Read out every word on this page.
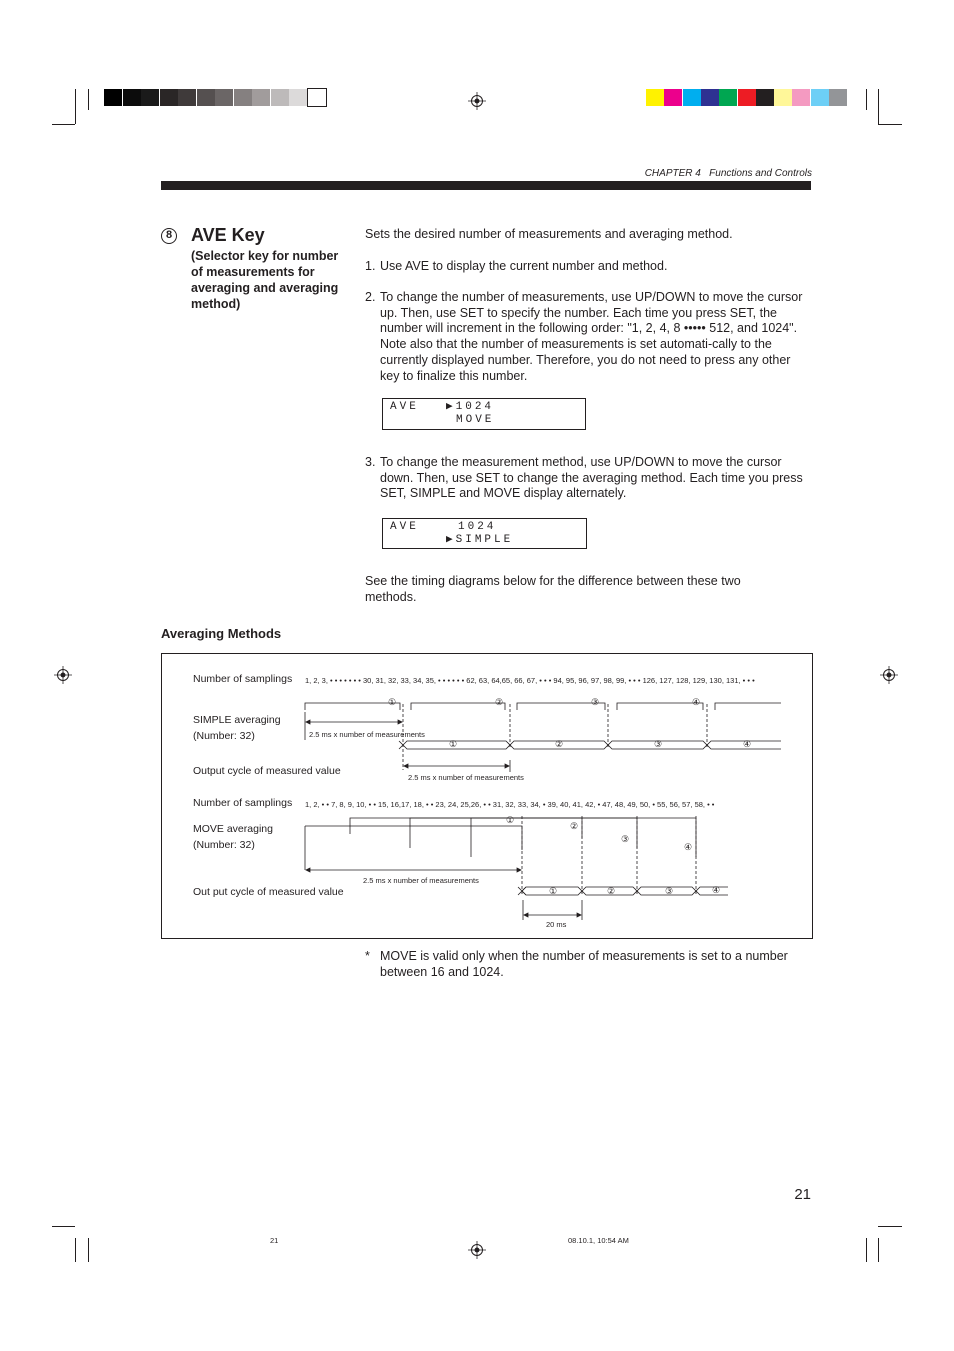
CHAPTER 4   Functions and Controls
8 AVE Key
(Selector key for number of measurements for averaging and averaging method)
Sets the desired number of measurements and averaging method.
1. Use AVE to display the current number and method.
2. To change the number of measurements, use UP/DOWN to move the cursor up. Then, use SET to specify the number. Each time you press SET, the number will increment in the following order: "1, 2, 4, 8 ••••• 512, and 1024". Note also that the number of measurements is set automati-cally to the currently displayed number. Therefore, you do not need to press any other key to finalize this number.
AVE ▶1024
MOVE
3. To change the measurement method, use UP/DOWN to move the cursor down. Then, use SET to change the averaging method. Each time you press SET, SIMPLE and MOVE display alternately.
AVE	1024
▶SIMPLE
See the timing diagrams below for the difference between these two methods.
Averaging Methods
Number of samplings 1, 2, 3, • • • • • • • 30, 31, 32, 33, 34, 35, • • • • • • 62, 63, 64,65, 66, 67, • • • 94, 95, 96, 97, 98, 99, • • • 126, 127, 128, 129, 130, 131, • • •
SIMPLE averaging
(Number: 32)	2.5 ms x number of measurements
Output cycle of measured value
2.5 ms x number of measurements
Number of samplings 1, 2, • • 7, 8, 9, 10, • • 15, 16,17, 18, • • 23, 24, 25,26, • • 31, 32, 33, 34, • 39, 40, 41, 42, • 47, 48, 49, 50, • 55, 56, 57, 58, • •
MOVE averaging
(Number: 32)
2.5 ms x number of measurements
Out put cycle of measured value
20 ms
①	②	③	④
①	②	③	④
①
②
③
④
①	②	③	④
* MOVE is valid only when the number of measurements is set to a number between 16 and 1024.
21
21	08.10.1, 10:54 AM
